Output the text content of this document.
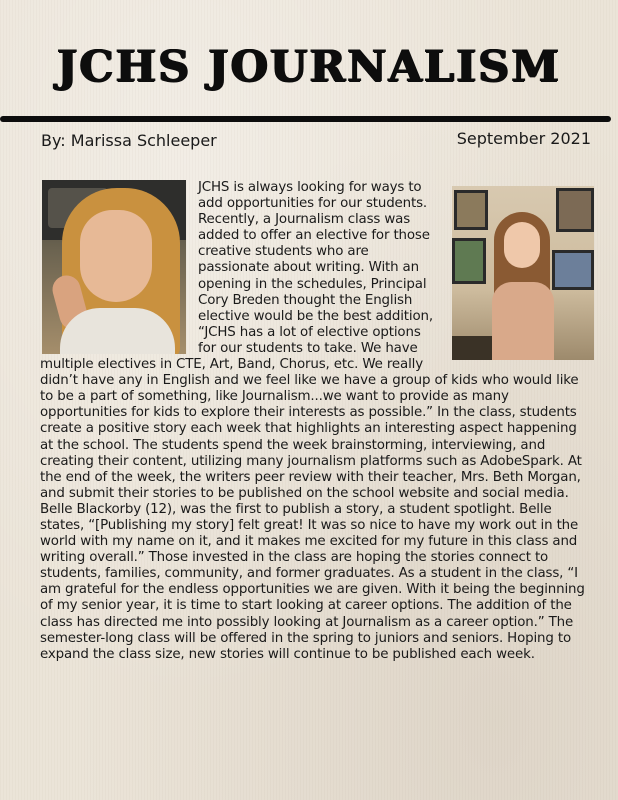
JCHS JOURNALISM
By: Marissa Schleeper	September 2021

JCHS is always looking for ways to add opportunities for our students. Recently, a Journalism class was added to offer an elective for those creative students who are passionate about writing. With an opening in the schedules, Principal Cory Breden thought the English elective would be the best addition, “JCHS has a lot of elective options for our students to take. We have multiple electives in CTE, Art, Band, Chorus, etc. We really didn’t have any in English and we feel like we have a group of kids who would like to be a part of something, like Journalism...we want to provide as many opportunities for kids to explore their interests as possible.” In the class, students create a positive story each week that highlights an interesting aspect happening at the school. The students spend the week brainstorming, interviewing, and creating their content, utilizing many journalism platforms such as AdobeSpark. At the end of the week, the writers peer review with their teacher, Mrs. Beth Morgan, and submit their stories to be published on the school website and social media. Belle Blackorby (12), was the first to publish a story, a student spotlight. Belle states, “[Publishing my story] felt great! It was so nice to have my work out in the world with my name on it, and it makes me excited for my future in this class and writing overall.” Those invested in the class are hoping the stories connect to students, families, community, and former graduates. As a student in the class, “I am grateful for the endless opportunities we are given. With it being the beginning of my senior year, it is time to start looking at career options. The addition of the class has directed me into possibly looking at Journalism as a career option.” The semester-long class will be offered in the spring to juniors and seniors. Hoping to expand the class size, new stories will continue to be published each week.
